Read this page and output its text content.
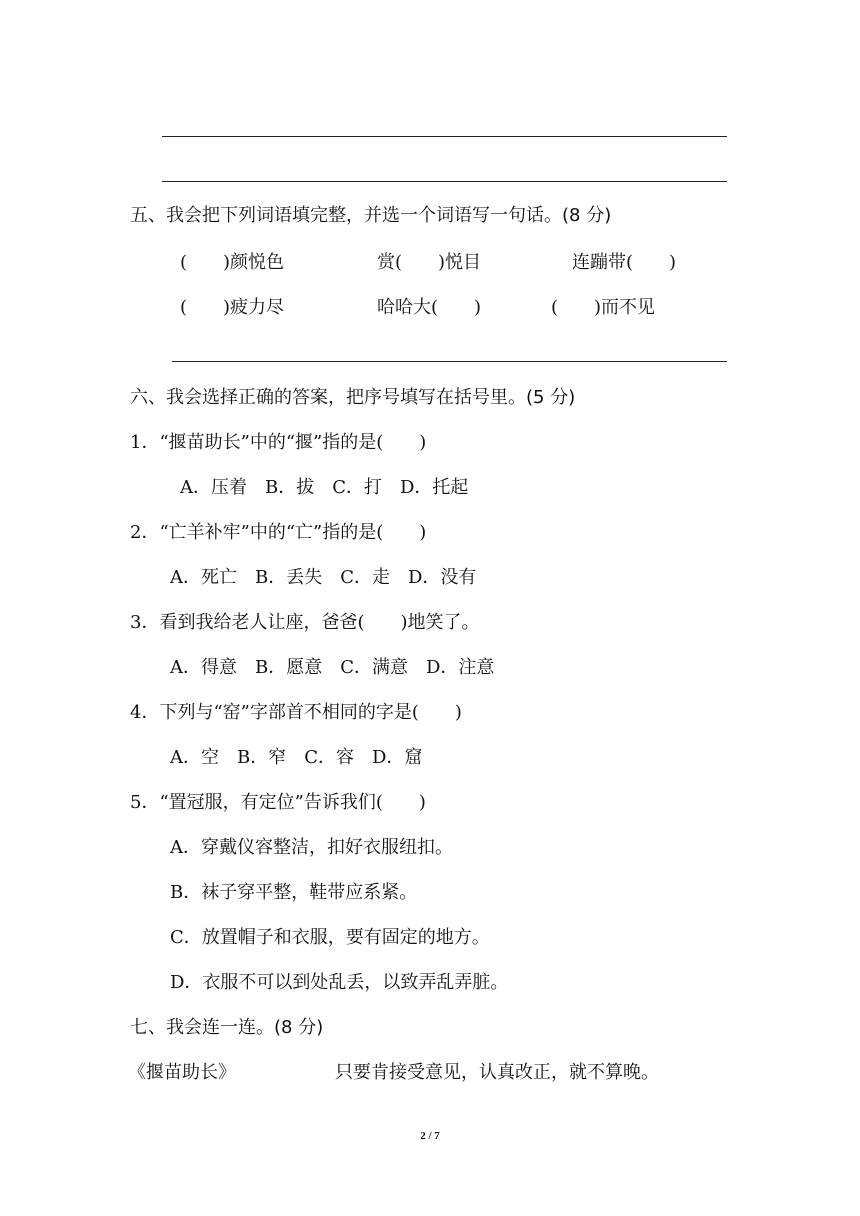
五、我会把下列词语填完整，并选一个词语写一句话。(8 分)
(　　)颜悦色	赏(　　)悦目	连蹦带(　　)
(　　)疲力尽	哈哈大(　　)	(　　)而不见
六、我会选择正确的答案，把序号填写在括号里。(5 分)
1．“揠苗助长”中的“揠”指的是(　　)
A．压着　B．拔　C．打　D．托起
2．“亡羊补牢”中的“亡”指的是(　　)
A．死亡　B．丢失　C．走　D．没有
3．看到我给老人让座，爸爸(　　)地笑了。
A．得意　B．愿意　C．满意　D．注意
4．下列与“窑”字部首不相同的字是(　　)
A．空　B．窄　C．容　D．窟
5．“置冠服，有定位”告诉我们(　　)
A．穿戴仪容整洁，扣好衣服纽扣。
B．袜子穿平整，鞋带应系紧。
C．放置帽子和衣服，要有固定的地方。
D．衣服不可以到处乱丢，以致弄乱弄脏。
七、我会连一连。(8 分)
《揠苗助长》	只要肯接受意见，认真改正，就不算晚。
2 / 7
